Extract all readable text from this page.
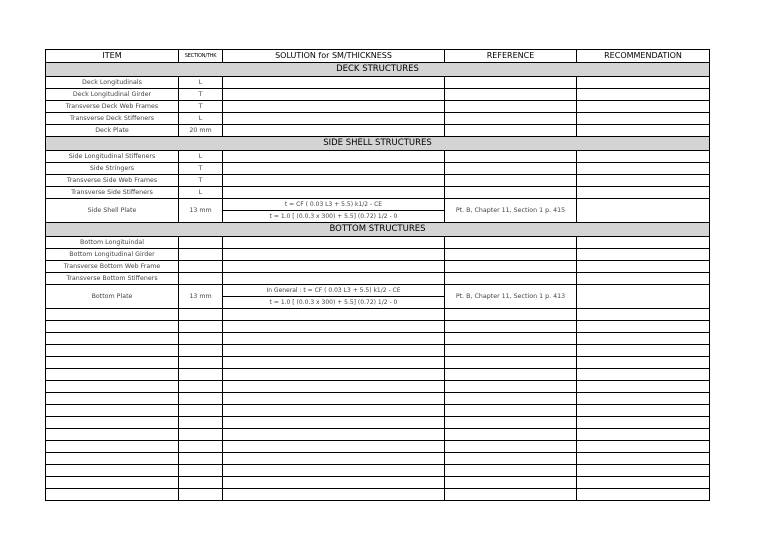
ITEM	SECTION/THK	SOLUTION for SM/THICKNESS	REFERENCE	RECOMMENDATION
DECK STRUCTURES				
Deck Longitudinals	L			
Deck Longitudinal Girder	T			
Transverse Deck Web Frames	T			
Transverse Deck Stiffeners	L			
Deck Plate	20 mm			
SIDE SHELL STRUCTURES				
Side Longitudinal Stiffeners	L			
Side Stringers	T			
Transverse Side Web Frames	T			
Transverse Side Stiffeners	L			
Side Shell Plate	13 mm	t = CF ( 0.03 L3 + 5.5) k1/2 - CE	Pt. B, Chapter 11, Section 1 p. 415	
		t = 1.0 [ (0.0.3 x 300) + 5.5] (0.72) 1/2 - 0		
BOTTOM STRUCTURES				
Bottom Longituindal				
Bottom Longitudinal Girder				
Transverse Bottom Web Frame				
Transverse Bottom Stiffeners				
Bottom Plate	13 mm	In General : t = CF ( 0.03 L3 + 5.5) k1/2 - CE	Pt. B, Chapter 11, Section 1 p. 413	
		t = 1.0 [ (0.0.3 x 300) + 5.5] (0.72) 1/2 - 0		
